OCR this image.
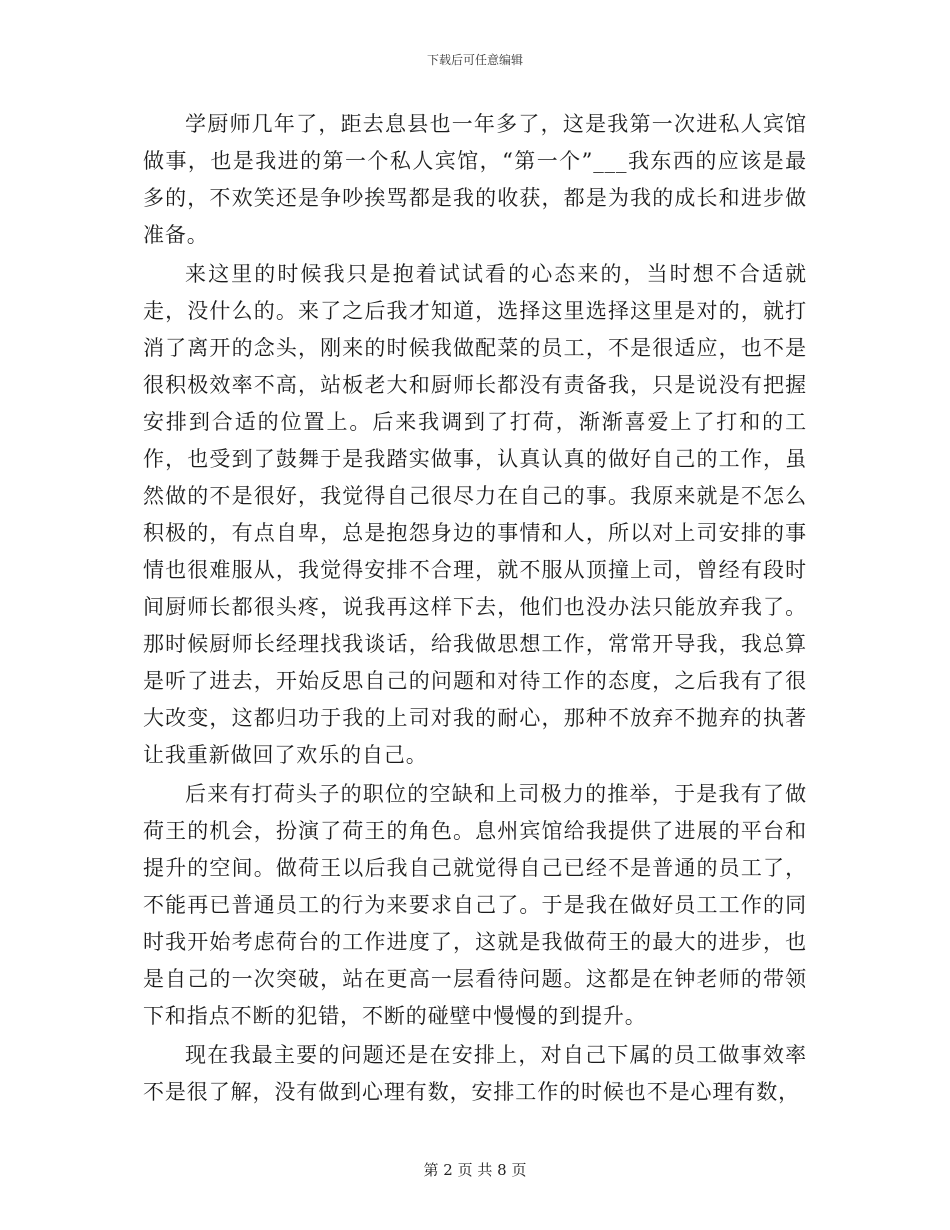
下载后可任意编辑

学厨师几年了，距去息县也一年多了，这是我第一次进私人宾馆做事，也是我进的第一个私人宾馆，“第一个”___我东西的应该是最多的，不欢笑还是争吵挨骂都是我的收获，都是为我的成长和进步做准备。

来这里的时候我只是抱着试试看的心态来的，当时想不合适就走，没什么的。来了之后我才知道，选择这里选择这里是对的，就打消了离开的念头，刚来的时候我做配菜的员工，不是很适应，也不是很积极效率不高，站板老大和厨师长都没有责备我，只是说没有把握安排到合适的位置上。后来我调到了打荷，渐渐喜爱上了打和的工作，也受到了鼓舞于是我踏实做事，认真认真的做好自己的工作，虽然做的不是很好，我觉得自己很尽力在自己的事。我原来就是不怎么积极的，有点自卑，总是抱怨身边的事情和人，所以对上司安排的事情也很难服从，我觉得安排不合理，就不服从顶撞上司，曾经有段时间厨师长都很头疼，说我再这样下去，他们也没办法只能放弃我了。那时候厨师长经理找我谈话，给我做思想工作，常常开导我，我总算是听了进去，开始反思自己的问题和对待工作的态度，之后我有了很大改变，这都归功于我的上司对我的耐心，那种不放弃不抛弃的执著让我重新做回了欢乐的自己。

后来有打荷头子的职位的空缺和上司极力的推举，于是我有了做荷王的机会，扮演了荷王的角色。息州宾馆给我提供了进展的平台和提升的空间。做荷王以后我自己就觉得自己已经不是普通的员工了，不能再已普通员工的行为来要求自己了。于是我在做好员工工作的同时我开始考虑荷台的工作进度了，这就是我做荷王的最大的进步，也是自己的一次突破，站在更高一层看待问题。这都是在钟老师的带领下和指点不断的犯错，不断的碰壁中慢慢的到提升。

现在我最主要的问题还是在安排上，对自己下属的员工做事效率不是很了解，没有做到心理有数，安排工作的时候也不是心理有数，

第 2 页 共 8 页
